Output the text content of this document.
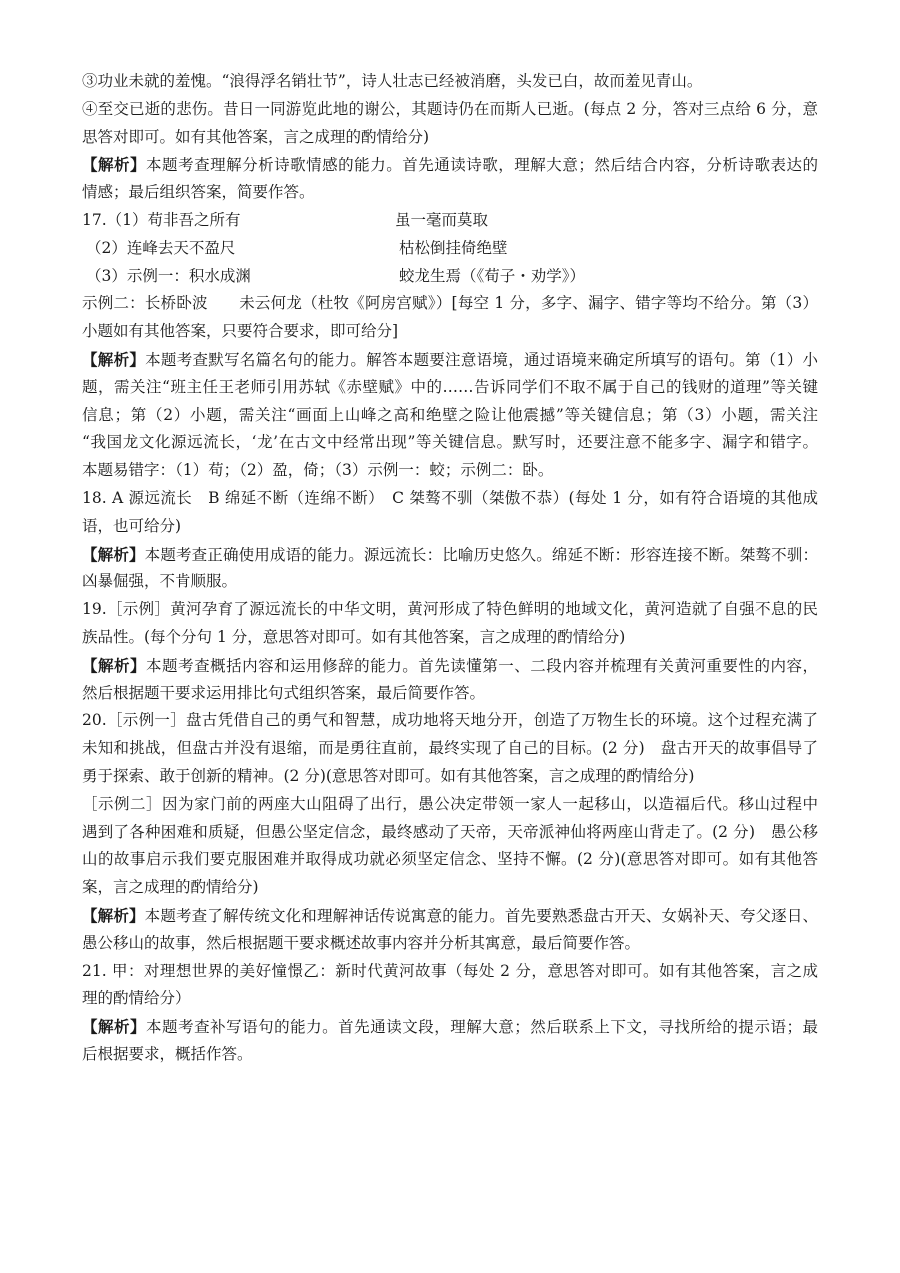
③功业未就的羞愧。“浪得浮名销壮节”，诗人壮志已经被消磨，头发已白，故而羞见青山。
④至交已逝的悲伤。昔日一同游览此地的谢公，其题诗仍在而斯人已逝。(每点 2 分，答对三点给 6 分，意
思答对即可。如有其他答案，言之成理的酌情给分)
【解析】本题考查理解分析诗歌情感的能力。首先通读诗歌，理解大意；然后结合内容，分析诗歌表达的
情感；最后组织答案，简要作答。
17.（1）苟非吾之所有	虽一毫而莫取
（2）连峰去天不盈尺	枯松倒挂倚绝壁
（3）示例一：积水成渊	蛟龙生焉（《荀子・劝学》）
示例二：长桥卧波　　未云何龙（杜牧《阿房宫赋》）[每空 1 分，多字、漏字、错字等均不给分。第（3）
小题如有其他答案，只要符合要求，即可给分]
【解析】本题考查默写名篇名句的能力。解答本题要注意语境，通过语境来确定所填写的语句。第（1）小
题，需关注“班主任王老师引用苏轼《赤壁赋》中的……告诉同学们不取不属于自己的钱财的道理”等关键
信息；第（2）小题，需关注“画面上山峰之高和绝壁之险让他震撼”等关键信息；第（3）小题，需关注
“我国龙文化源远流长，‘龙’在古文中经常出现”等关键信息。默写时，还要注意不能多字、漏字和错字。
本题易错字：（1）苟；（2）盈，倚；（3）示例一：蛟；示例二：卧。
18. A 源远流长　B 绵延不断（连绵不断）　C 桀骜不驯（桀傲不恭）(每处 1 分，如有符合语境的其他成
语，也可给分)
【解析】本题考查正确使用成语的能力。源远流长：比喻历史悠久。绵延不断：形容连接不断。桀骜不驯：
凶暴倔强，不肯顺服。
19.［示例］黄河孕育了源远流长的中华文明，黄河形成了特色鲜明的地域文化，黄河造就了自强不息的民
族品性。(每个分句 1 分，意思答对即可。如有其他答案，言之成理的酌情给分)
【解析】本题考查概括内容和运用修辞的能力。首先读懂第一、二段内容并梳理有关黄河重要性的内容，
然后根据题干要求运用排比句式组织答案，最后简要作答。
20.［示例一］盘古凭借自己的勇气和智慧，成功地将天地分开，创造了万物生长的环境。这个过程充满了
未知和挑战，但盘古并没有退缩，而是勇往直前，最终实现了自己的目标。(2 分)　盘古开天的故事倡导了
勇于探索、敢于创新的精神。(2 分)(意思答对即可。如有其他答案，言之成理的酌情给分)
［示例二］因为家门前的两座大山阻碍了出行，愚公决定带领一家人一起移山，以造福后代。移山过程中
遇到了各种困难和质疑，但愚公坚定信念，最终感动了天帝，天帝派神仙将两座山背走了。(2 分)　愚公移
山的故事启示我们要克服困难并取得成功就必须坚定信念、坚持不懈。(2 分)(意思答对即可。如有其他答
案，言之成理的酌情给分)
【解析】本题考查了解传统文化和理解神话传说寓意的能力。首先要熟悉盘古开天、女娲补天、夸父逐日、
愚公移山的故事，然后根据题干要求概述故事内容并分析其寓意，最后简要作答。
21. 甲：对理想世界的美好憧憬乙：新时代黄河故事（每处 2 分，意思答对即可。如有其他答案，言之成
理的酌情给分）
【解析】本题考查补写语句的能力。首先通读文段，理解大意；然后联系上下文，寻找所给的提示语；最
后根据要求，概括作答。
